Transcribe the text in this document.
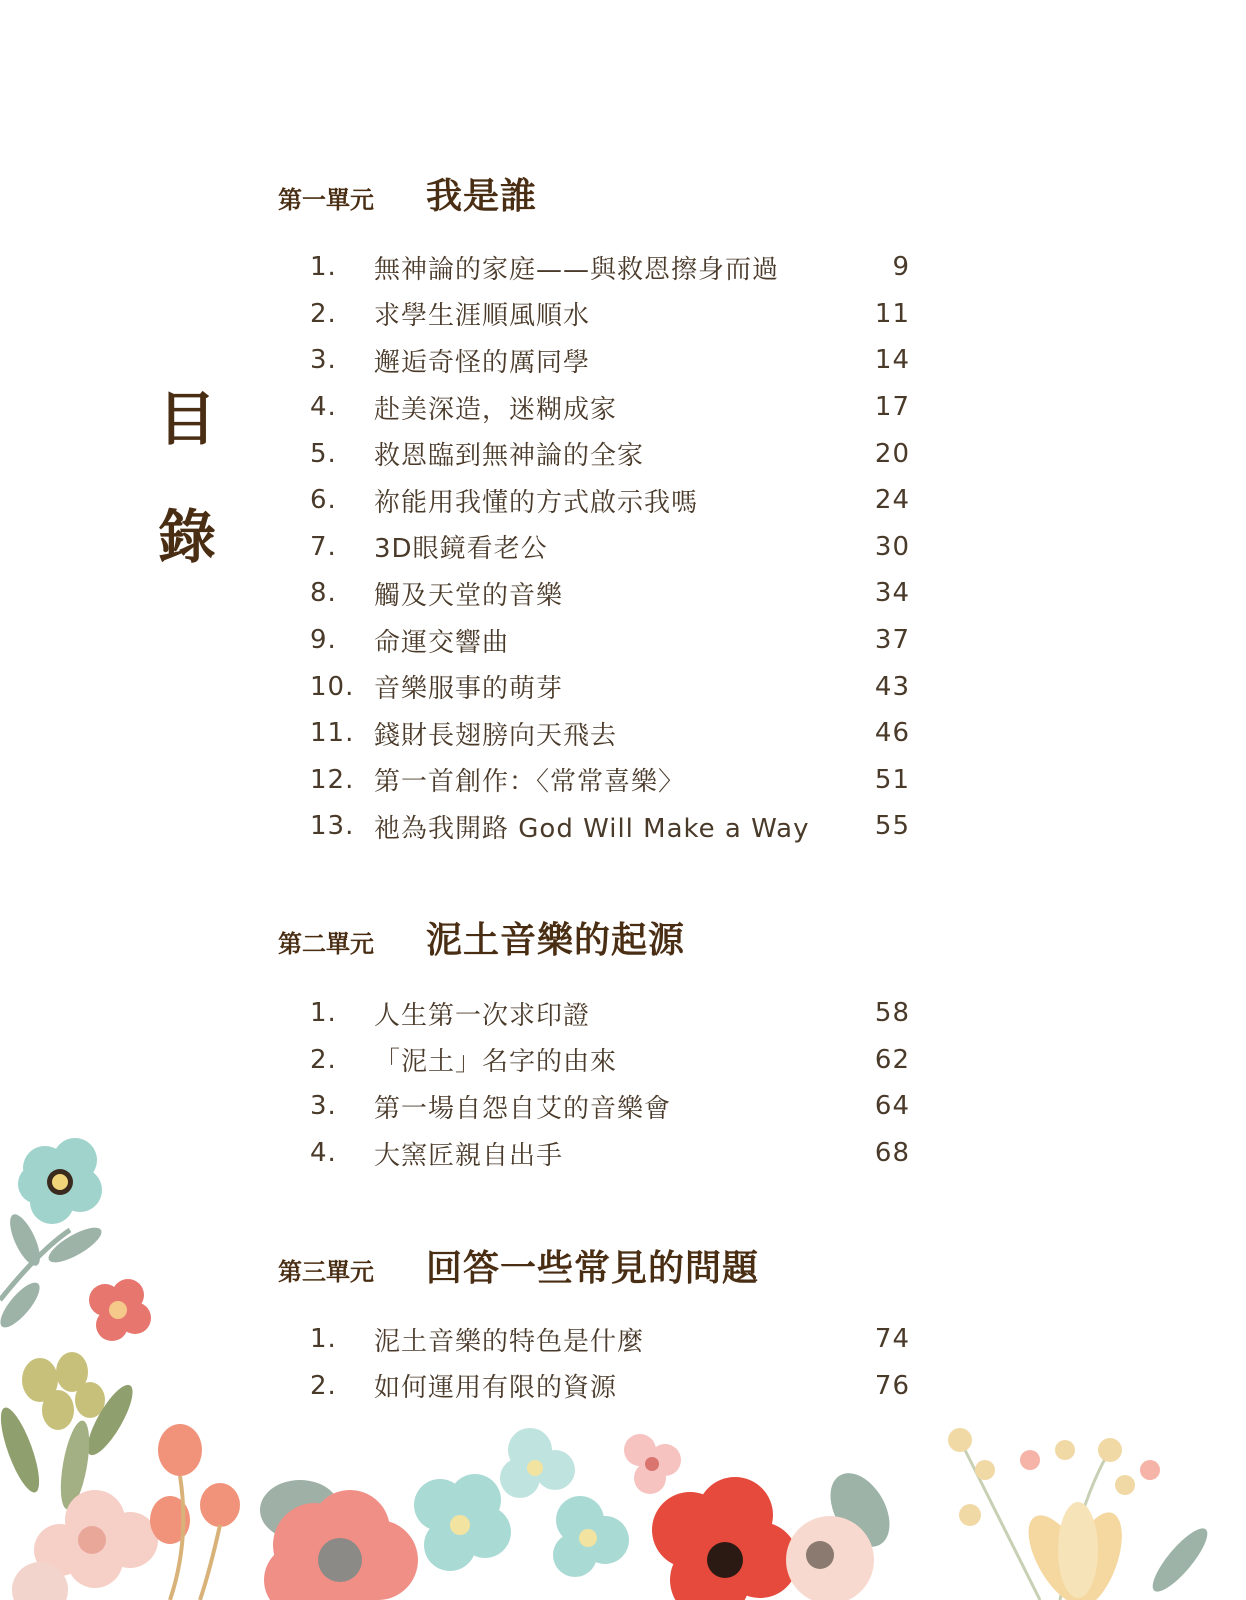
目
錄
第一單元	我是誰
1.	無神論的家庭——與救恩擦身而過	9
2.	求學生涯順風順水	11
3.	邂逅奇怪的厲同學	14
4.	赴美深造，迷糊成家	17
5.	救恩臨到無神論的全家	20
6.	祢能用我懂的方式啟示我嗎	24
7.	3D眼鏡看老公	30
8.	觸及天堂的音樂	34
9.	命運交響曲	37
10. 音樂服事的萌芽	43
11. 錢財長翅膀向天飛去	46
12. 第一首創作：〈常常喜樂〉	51
13. 祂為我開路 God Will Make a Way	55
第二單元	泥土音樂的起源
1.	人生第一次求印證	58
2.	「泥土」名字的由來	62
3.	第一場自怨自艾的音樂會	64
4.	大窯匠親自出手	68
第三單元	回答一些常見的問題
1.	泥土音樂的特色是什麼	74
2.	如何運用有限的資源	76
